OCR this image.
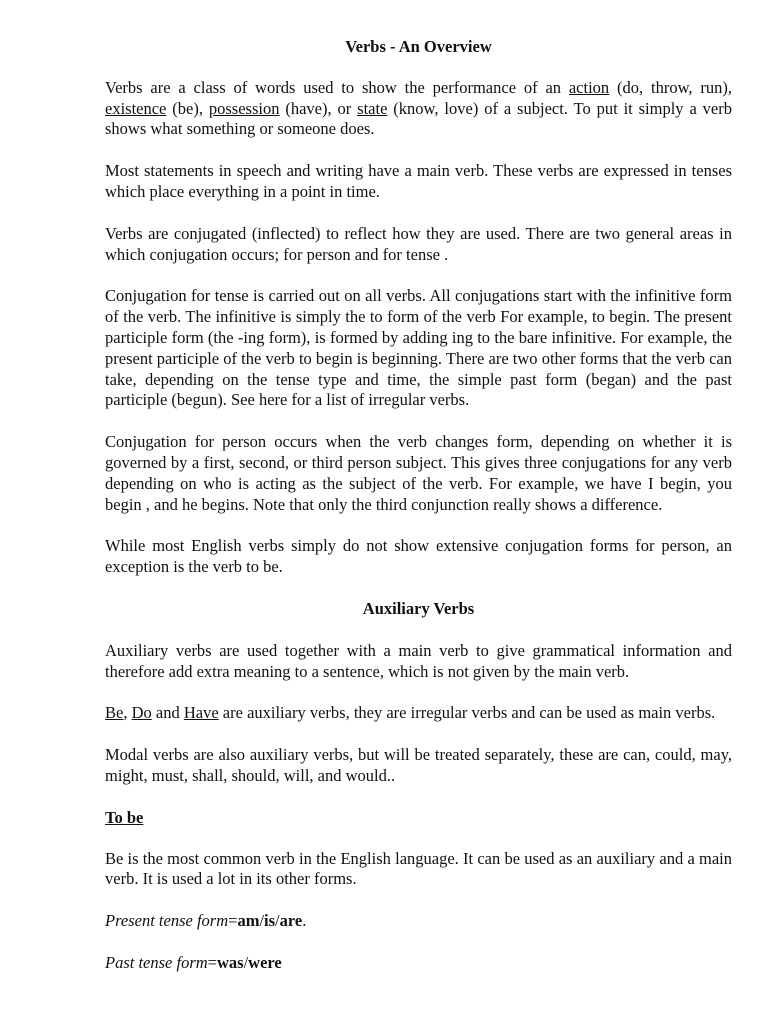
Verbs - An Overview

Verbs are a class of words used to show the performance of an action (do, throw, run), existence (be), possession (have), or state (know, love) of a subject. To put it simply a verb shows what something or someone does.

Most statements in speech and writing have a main verb. These verbs are expressed in tenses which place everything in a point in time.

Verbs are conjugated (inflected) to reflect how they are used. There are two general areas in which conjugation occurs; for person and for tense .

Conjugation for tense is carried out on all verbs. All conjugations start with the infinitive form of the verb. The infinitive is simply the to form of the verb For example, to begin. The present participle form (the -ing form), is formed by adding ing to the bare infinitive. For example, the present participle of the verb to begin is beginning. There are two other forms that the verb can take, depending on the tense type and time, the simple past form (began) and the past participle (begun). See here for a list of irregular verbs.

Conjugation for person occurs when the verb changes form, depending on whether it is governed by a first, second, or third person subject. This gives three conjugations for any verb depending on who is acting as the subject of the verb. For example, we have I begin, you begin , and he begins. Note that only the third conjunction really shows a difference.

While most English verbs simply do not show extensive conjugation forms for person, an exception is the verb to be.

Auxiliary Verbs

Auxiliary verbs are used together with a main verb to give grammatical information and therefore add extra meaning to a sentence, which is not given by the main verb.

Be, Do and Have are auxiliary verbs, they are irregular verbs and can be used as main verbs.

Modal verbs are also auxiliary verbs, but will be treated separately, these are can, could, may, might, must, shall, should, will, and would..

To be

Be is the most common verb in the English language. It can be used as an auxiliary and a main verb. It is used a lot in its other forms.

Present tense form=am/is/are.

Past tense form=was/were
